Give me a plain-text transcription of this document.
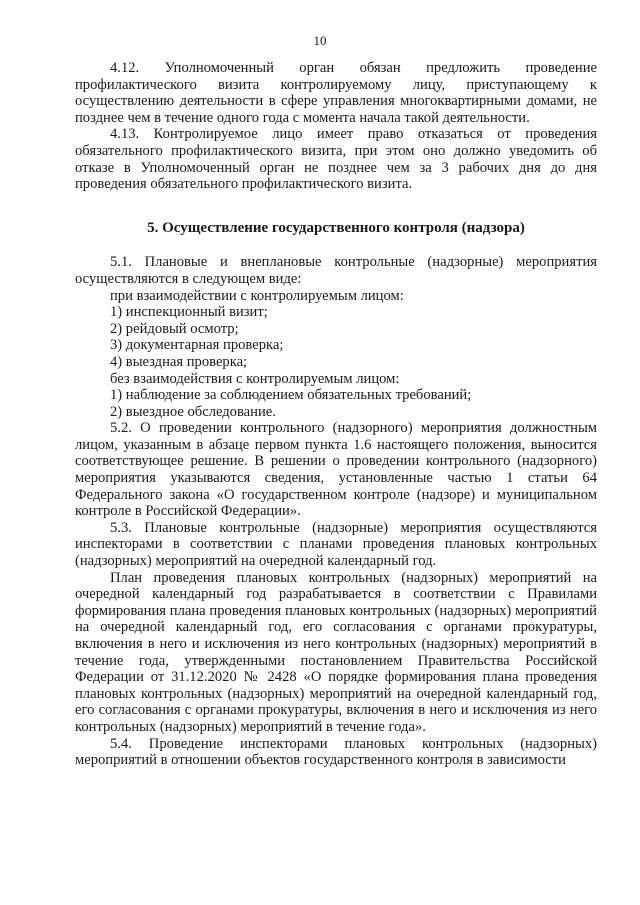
10

4.12. Уполномоченный орган обязан предложить проведение профилактического визита контролируемому лицу, приступающему к осуществлению деятельности в сфере управления многоквартирными домами, не позднее чем в течение одного года с момента начала такой деятельности.

4.13. Контролируемое лицо имеет право отказаться от проведения обязательного профилактического визита, при этом оно должно уведомить об отказе в Уполномоченный орган не позднее чем за 3 рабочих дня до дня проведения обязательного профилактического визита.

5. Осуществление государственного контроля (надзора)

5.1. Плановые и внеплановые контрольные (надзорные) мероприятия осуществляются в следующем виде:

при взаимодействии с контролируемым лицом:

1) инспекционный визит;

2) рейдовый осмотр;

3) документарная проверка;

4) выездная проверка;

без взаимодействия с контролируемым лицом:

1) наблюдение за соблюдением обязательных требований;

2) выездное обследование.

5.2. О проведении контрольного (надзорного) мероприятия должностным лицом, указанным в абзаце первом пункта 1.6 настоящего положения, выносится соответствующее решение. В решении о проведении контрольного (надзорного) мероприятия указываются сведения, установленные частью 1 статьи 64 Федерального закона «О государственном контроле (надзоре) и муниципальном контроле в Российской Федерации».

5.3. Плановые контрольные (надзорные) мероприятия осуществляются инспекторами в соответствии с планами проведения плановых контрольных (надзорных) мероприятий на очередной календарный год.

План проведения плановых контрольных (надзорных) мероприятий на очередной календарный год разрабатывается в соответствии с Правилами формирования плана проведения плановых контрольных (надзорных) мероприятий на очередной календарный год, его согласования с органами прокуратуры, включения в него и исключения из него контрольных (надзорных) мероприятий в течение года, утвержденными постановлением Правительства Российской Федерации от 31.12.2020 № 2428 «О порядке формирования плана проведения плановых контрольных (надзорных) мероприятий на очередной календарный год, его согласования с органами прокуратуры, включения в него и исключения из него контрольных (надзорных) мероприятий в течение года».

5.4. Проведение инспекторами плановых контрольных (надзорных) мероприятий в отношении объектов государственного контроля в зависимости
